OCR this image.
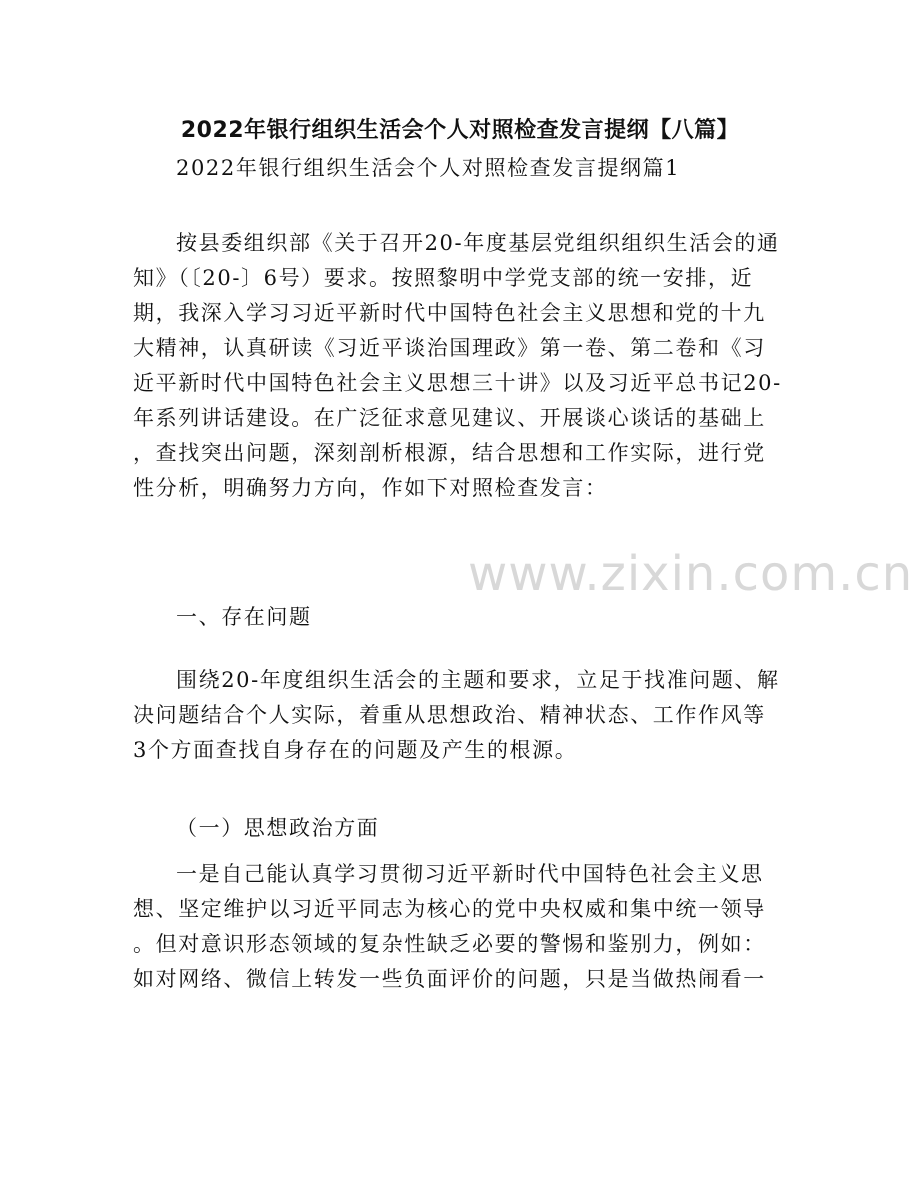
2022年银行组织生活会个人对照检查发言提纲【八篇】
2022年银行组织生活会个人对照检查发言提纲篇1
按县委组织部《关于召开20-年度基层党组织组织生活会的通
知》（〔20-〕6号）要求。按照黎明中学党支部的统一安排，近
期，我深入学习习近平新时代中国特色社会主义思想和党的十九
大精神，认真研读《习近平谈治国理政》第一卷、第二卷和《习
近平新时代中国特色社会主义思想三十讲》以及习近平总书记20-
年系列讲话建设。在广泛征求意见建议、开展谈心谈话的基础上
，查找突出问题，深刻剖析根源，结合思想和工作实际，进行党
性分析，明确努力方向，作如下对照检查发言：
一、存在问题
围绕20-年度组织生活会的主题和要求，立足于找准问题、解
决问题结合个人实际，着重从思想政治、精神状态、工作作风等
3个方面查找自身存在的问题及产生的根源。
（一）思想政治方面
一是自己能认真学习贯彻习近平新时代中国特色社会主义思
想、坚定维护以习近平同志为核心的党中央权威和集中统一领导
。但对意识形态领域的复杂性缺乏必要的警惕和鉴别力，例如：
如对网络、微信上转发一些负面评价的问题，只是当做热闹看一
www.zixin.com.cn
